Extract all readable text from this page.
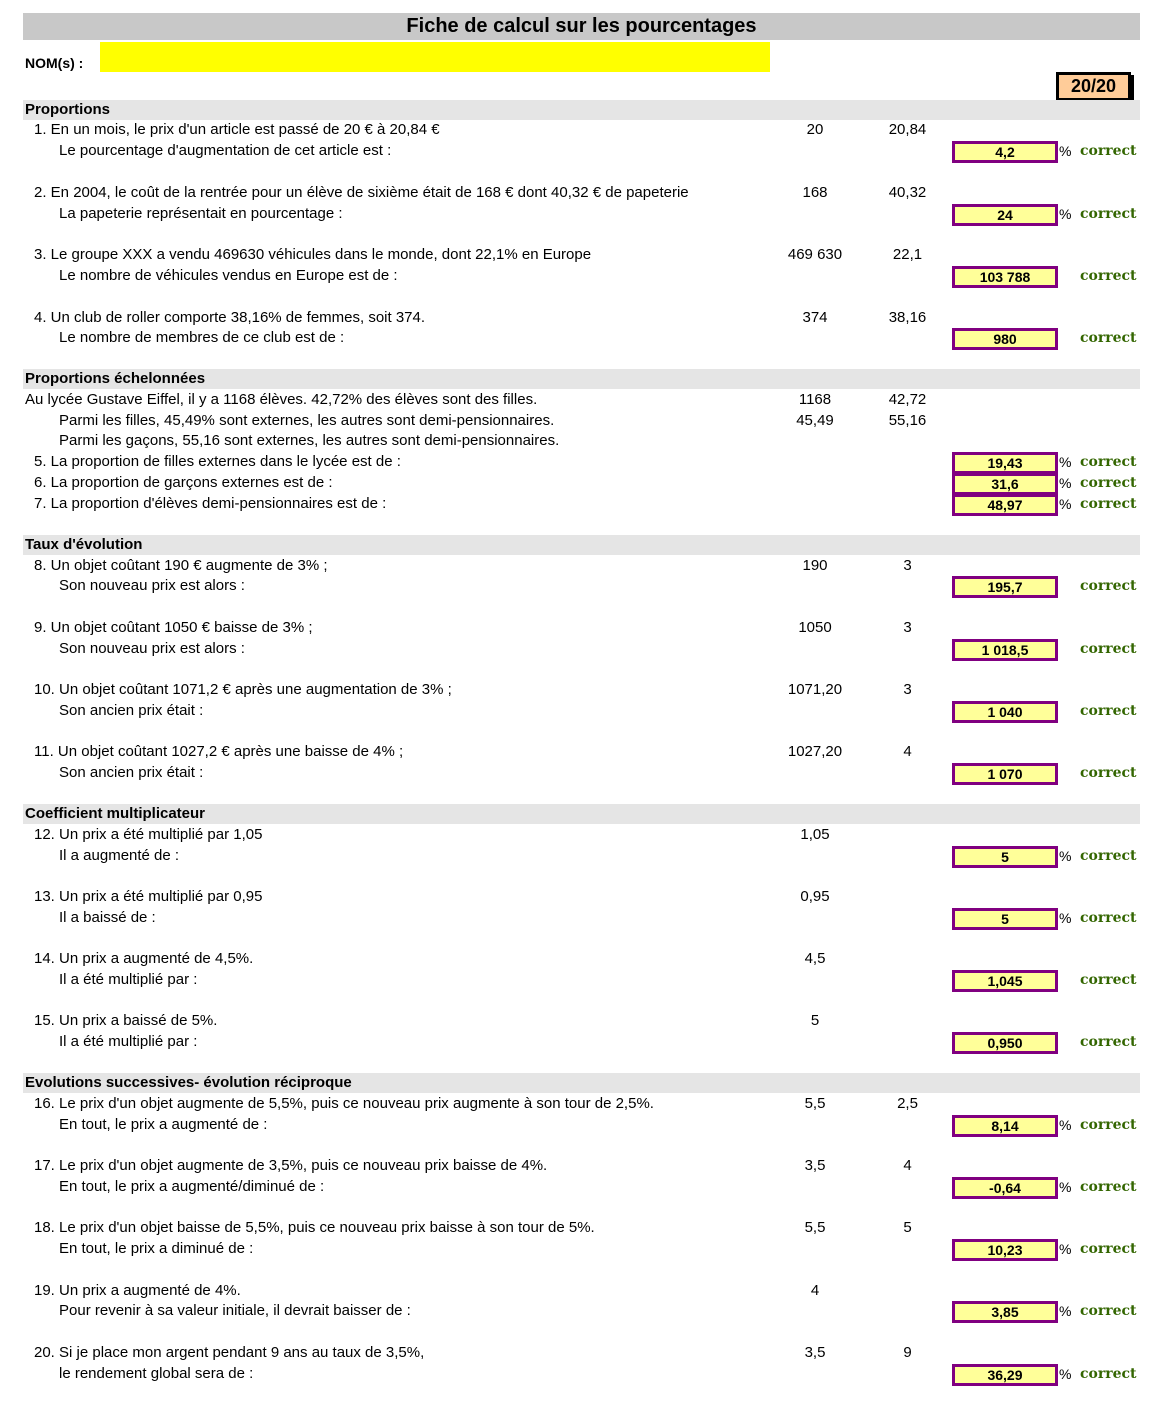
Fiche de calcul sur les pourcentages
NOM(s) :
20/20
Proportions
1. En un mois, le prix d'un article est passé de 20 € à 20,84 €	20	20,84
Le pourcentage d'augmentation de cet article est :	4,2	% correct
2. En 2004, le coût de la rentrée pour un élève de sixième était de 168 € dont 40,32 € de papeterie	168	40,32
La papeterie représentait en pourcentage :	24	% correct
3. Le groupe XXX a vendu 469630 véhicules dans le monde, dont 22,1% en Europe	469 630	22,1
Le nombre de véhicules vendus en Europe est de :	103 788	correct
4. Un club de roller comporte 38,16% de femmes, soit 374.	374	38,16
Le nombre de membres de ce club est de :	980	correct
Proportions échelonnées
Au lycée Gustave Eiffel, il y a 1168 élèves. 42,72% des élèves sont des filles.	1168	42,72
Parmi les filles, 45,49% sont externes, les autres sont demi-pensionnaires.	45,49	55,16
Parmi les gaçons, 55,16 sont externes, les autres sont demi-pensionnaires.
5. La proportion de filles externes dans le lycée est de :	19,43	% correct
6. La proportion de garçons externes est de :	31,6	% correct
7. La proportion d'élèves demi-pensionnaires est de :	48,97	% correct
Taux d'évolution
8. Un objet coûtant 190 € augmente de 3% ;	190	3
Son nouveau prix est alors :	195,7	correct
9. Un objet coûtant 1050 € baisse de 3% ;	1050	3
Son nouveau prix est alors :	1 018,5	correct
10. Un objet coûtant 1071,2 € après une augmentation de 3% ;	1071,20	3
Son ancien prix était :	1 040	correct
11. Un objet coûtant 1027,2 € après une baisse de 4% ;	1027,20	4
Son ancien prix était :	1 070	correct
Coefficient multiplicateur
12. Un prix a été multiplié par 1,05	1,05
Il a augmenté de :	5	% correct
13. Un prix a été multiplié par 0,95	0,95
Il a baissé de :	5	% correct
14. Un prix a augmenté de 4,5%.	4,5
Il a été multiplié par :	1,045	correct
15. Un prix a baissé de 5%.	5
Il a été multiplié par :	0,950	correct
Evolutions successives- évolution réciproque
16. Le prix d'un objet augmente de 5,5%, puis ce nouveau prix augmente à son tour de 2,5%.	5,5	2,5
En tout, le prix a augmenté de :	8,14	% correct
17. Le prix d'un objet augmente de 3,5%, puis ce nouveau prix baisse de 4%.	3,5	4
En tout, le prix a augmenté/diminué de :	-0,64	% correct
18. Le prix d'un objet baisse de 5,5%, puis ce nouveau prix baisse à son tour de 5%.	5,5	5
En tout, le prix a diminué de :	10,23	% correct
19. Un prix a augmenté de 4%.	4
Pour revenir à sa valeur initiale, il devrait baisser de :	3,85	% correct
20. Si je place mon argent pendant 9 ans au taux de 3,5%,	3,5	9
le rendement global sera de :	36,29	% correct
